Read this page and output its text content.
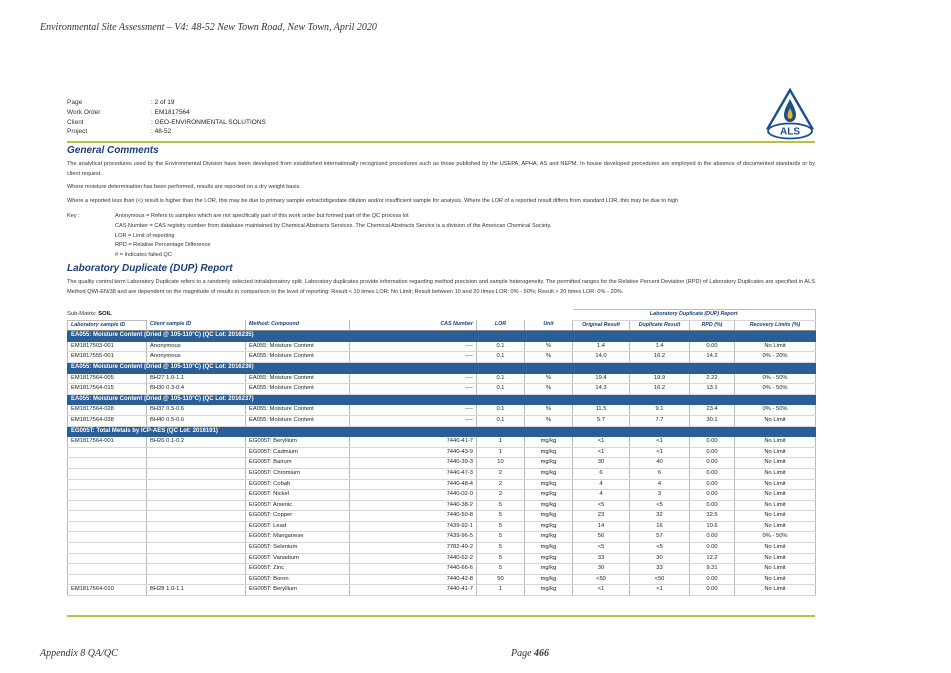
Environmental Site Assessment – V4: 48-52 New Town Road, New Town, April 2020
Page	: 2 of 19
Work Order	: EM1817564
Client	: GEO-ENVIRONMENTAL SOLUTIONS
Project	: 48-52	ALS
General Comments
The analytical procedures used by the Environmental Division have been developed from established internationally recognized procedures such as those published by the USEPA, APHA, AS and NEPM. In house developed procedures are employed in the absence of documented standards or by client request.
Where moisture determination has been performed, results are reported on a dry weight basis.
Where a reported less than (<) result is higher than the LOR, this may be due to primary sample extract/digestate dilution and/or insufficient sample for analysis. Where the LOR of a reported result differs from standard LOR, this may be due to high
Key :	Anonymous = Refers to samples which are not specifically part of this work order but formed part of the QC process lot
CAS Number = CAS registry number from database maintained by Chemical Abstracts Services. The Chemical Abstracts Service is a division of the American Chemical Society.
LOR = Limit of reporting
RPD = Relative Percentage Difference
# = Indicates failed QC
Laboratory Duplicate (DUP) Report
The quality control term Laboratory Duplicate refers to a randomly selected intralaboratory split. Laboratory duplicates provide information regarding method precision and sample heterogeneity. The permitted ranges for the Relative Percent Deviation (RPD) of Laboratory Duplicates are specified in ALS Method QWI-EN/38 and are dependent on the magnitude of results in comparison to the level of reporting: Result < 10 times LOR: No Limit; Result between 10 and 20 times LOR: 0% - 50%; Result > 20 times LOR: 0% - 20%.
Sub-Matrix: SOIL
						Laboratory Duplicate (DUP) Report			
Laboratory sample ID	Client sample ID	Method: Compound	CAS Number	LOR	Unit	Original Result	Duplicate Result	RPD (%)	Recovery Limits (%)
EA055: Moisture Content (Dried @ 105-110°C) (QC Lot: 2016235)									
EM1817503-001	Anonymous	EA055: Moisture Content	----	0.1	%	1.4	1.4	0.00	No Limit
EM1817555-001	Anonymous	EA055: Moisture Content	----	0.1	%	14.0	16.2	14.2	0% - 20%
EA055: Moisture Content (Dried @ 105-110°C) (QC Lot: 2016236)									
EM1817564-005	BH27 1.0-1.1	EA055: Moisture Content	----	0.1	%	19.4	19.9	2.22	0% - 50%
EM1817564-015	BH30 0.3-0.4	EA055: Moisture Content	----	0.1	%	14.3	16.2	13.1	0% - 50%
EA055: Moisture Content (Dried @ 105-110°C) (QC Lot: 2016237)									
EM1817564-028	BH37 0.5-0.6	EA055: Moisture Content	----	0.1	%	11.5	9.1	23.4	0% - 50%
EM1817564-038	BH40 0.5-0.6	EA055: Moisture Content	----	0.1	%	5.7	7.7	30.1	No Limit
EG005T: Total Metals by ICP-AES (QC Lot: 2016191)									
EM1817564-001	BH26 0.1-0.2	EG005T: Beryllium	7440-41-7	1	mg/kg	<1	<1	0.00	No Limit
		EG005T: Cadmium	7440-43-9	1	mg/kg	<1	<1	0.00	No Limit
		EG005T: Barium	7440-39-3	10	mg/kg	30	40	0.00	No Limit
		EG005T: Chromium	7440-47-3	2	mg/kg	6	6	0.00	No Limit
		EG005T: Cobalt	7440-48-4	2	mg/kg	4	4	0.00	No Limit
		EG005T: Nickel	7440-02-0	2	mg/kg	4	3	0.00	No Limit
		EG005T: Arsenic	7440-38-2	5	mg/kg	<5	<5	0.00	No Limit
		EG005T: Copper	7440-50-8	5	mg/kg	23	32	32.5	No Limit
		EG005T: Lead	7439-92-1	5	mg/kg	14	16	10.6	No Limit
		EG005T: Manganese	7439-96-5	5	mg/kg	56	57	0.00	0% - 50%
		EG005T: Selenium	7782-49-2	5	mg/kg	<5	<5	0.00	No Limit
		EG005T: Vanadium	7440-62-2	5	mg/kg	33	30	12.2	No Limit
		EG005T: Zinc	7440-66-6	5	mg/kg	30	33	9.31	No Limit
		EG005T: Boron	7440-42-8	50	mg/kg	<50	<50	0.00	No Limit
EM1817564-010	BH28 1.0-1.1	EG005T: Beryllium	7440-41-7	1	mg/kg	<1	<1	0.00	No Limit
Appendix 8 QA/QC	Page 466
